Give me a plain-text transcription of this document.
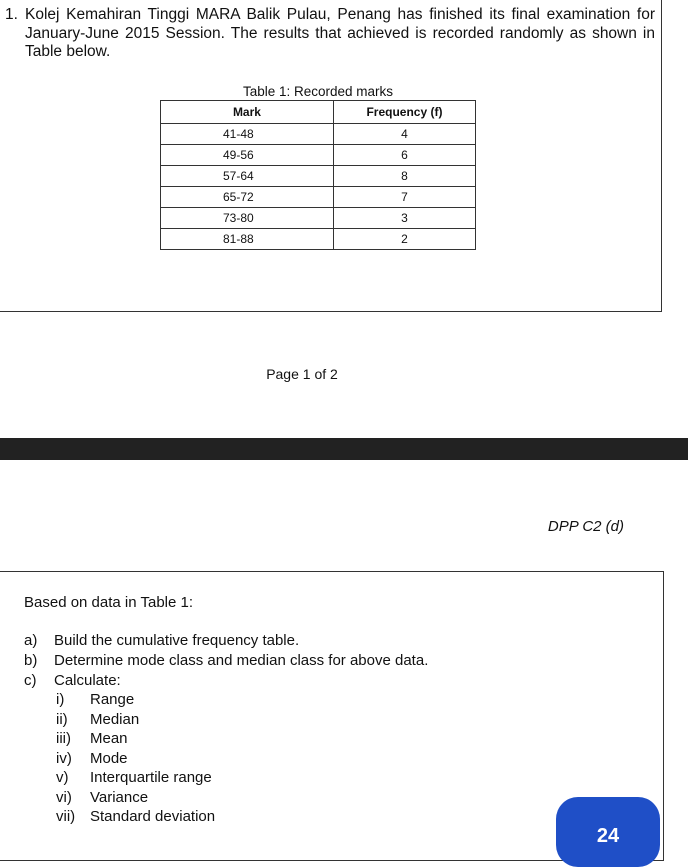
1. Kolej Kemahiran Tinggi MARA Balik Pulau, Penang has finished its final examination for January-June 2015 Session. The results that achieved is recorded randomly as shown in Table below.
Table 1: Recorded marks
Mark	Frequency (f)
41-48	4
49-56	6
57-64	8
65-72	7
73-80	3
81-88	2
Page 1 of 2
DPP C2 (d)
Based on data in Table 1:
a) Build the cumulative frequency table.
b) Determine mode class and median class for above data.
c) Calculate:
i) Range
ii) Median
iii) Mean
iv) Mode
v) Interquartile range
vi) Variance
vii) Standard deviation
24
